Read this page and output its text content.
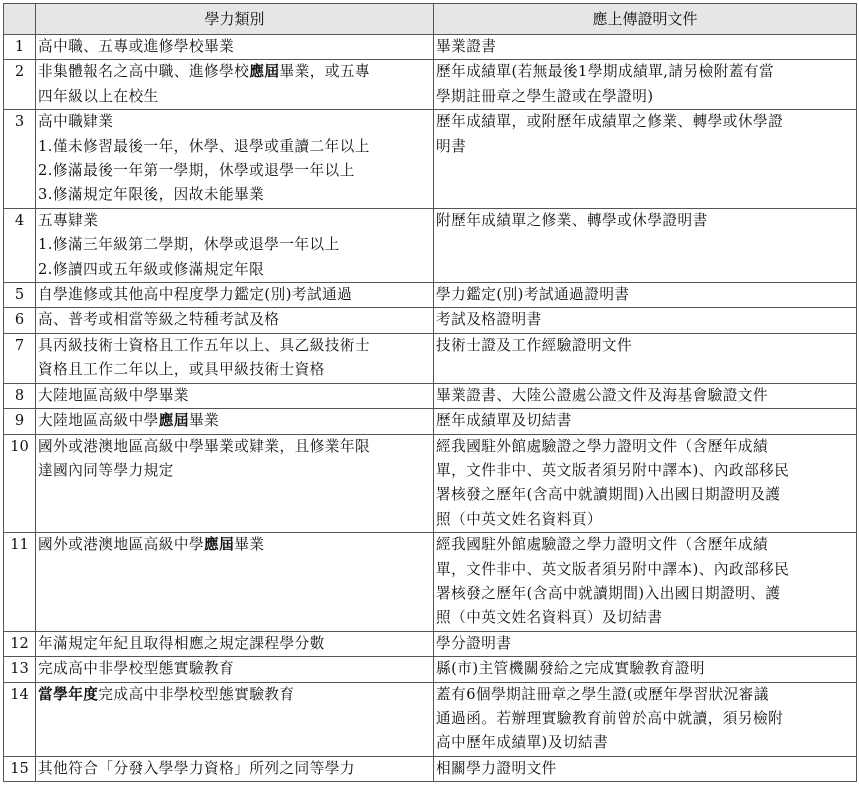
	學力類別	應上傳證明文件
1	高中職、五專或進修學校畢業	畢業證書

2	非集體報名之高中職、進修學校應屆畢業，或五專
四年級以上在校生	歷年成績單(若無最後1學期成績單,請另檢附蓋有當
學期註冊章之學生證或在學證明)

3	高中職肄業
1.僅未修習最後一年，休學、退學或重讀二年以上
2.修滿最後一年第一學期，休學或退學一年以上
3.修滿規定年限後，因故未能畢業	歷年成績單，或附歷年成績單之修業、轉學或休學證
明書

4	五專肄業
1.修滿三年級第二學期，休學或退學一年以上
2.修讀四或五年級或修滿規定年限	附歷年成績單之修業、轉學或休學證明書

5	自學進修或其他高中程度學力鑑定(別)考試通過	學力鑑定(別)考試通過證明書

6	高、普考或相當等級之特種考試及格	考試及格證明書

7	具丙級技術士資格且工作五年以上、具乙級技術士
資格且工作二年以上，或具甲級技術士資格	技術士證及工作經驗證明文件

8	大陸地區高級中學畢業	畢業證書、大陸公證處公證文件及海基會驗證文件

9	大陸地區高級中學應屆畢業	歷年成績單及切結書

10	國外或港澳地區高級中學畢業或肄業，且修業年限
達國內同等學力規定	經我國駐外館處驗證之學力證明文件（含歷年成績
單，文件非中、英文版者須另附中譯本)、內政部移民
署核發之歷年(含高中就讀期間)入出國日期證明及護
照（中英文姓名資料頁）

11	國外或港澳地區高級中學應屆畢業	經我國駐外館處驗證之學力證明文件（含歷年成績
單，文件非中、英文版者須另附中譯本)、內政部移民
署核發之歷年(含高中就讀期間)入出國日期證明、護
照（中英文姓名資料頁）及切結書

12	年滿規定年紀且取得相應之規定課程學分數	學分證明書

13	完成高中非學校型態實驗教育	縣(市)主管機關發給之完成實驗教育證明

14	當學年度完成高中非學校型態實驗教育	蓋有6個學期註冊章之學生證(或歷年學習狀況審議
通過函。若辦理實驗教育前曾於高中就讀，須另檢附
高中歷年成績單)及切結書

15	其他符合「分發入學學力資格」所列之同等學力	相關學力證明文件
